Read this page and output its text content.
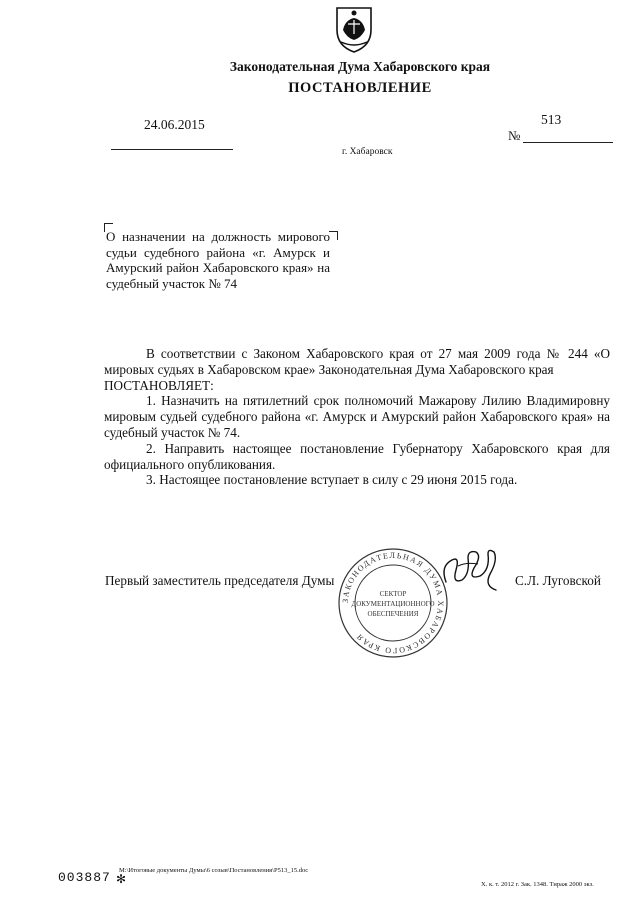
Законодательная Дума Хабаровского края
ПОСТАНОВЛЕНИЕ
24.06.2015	513
№
г. Хабаровск
О назначении на должность мирового судьи судебного района «г. Амурск и Амурский район Хабаровского края» на судебный участок № 74

В соответствии с Законом Хабаровского края от 27 мая 2009 года № 244 «О мировых судьях в Хабаровском крае» Законодательная Дума Хабаровского края

ПОСТАНОВЛЯЕТ:

1. Назначить на пятилетний срок полномочий Мажарову Лилию Владимировну мировым судьей судебного района «г. Амурск и Амурский район Хабаровского края» на судебный участок № 74.

2. Направить настоящее постановление Губернатору Хабаровского края для официального опубликования.

3. Настоящее постановление вступает в силу с 29 июня 2015 года.

Первый заместитель председателя Думы	С.Л. Луговской
ЗАКОНОДАТЕЛЬНАЯ ДУМА ХАБАРОВСКОГО КРАЯ
СЕКТОР
ДОКУМЕНТАЦИОННОГО
ОБЕСПЕЧЕНИЯ
003887 ✻
M:\Итоговые документы Думы\6 созыв\Постановления\P513_15.doc
Х. к. т. 2012 г. Зак. 1348. Тираж 2000 экз.
